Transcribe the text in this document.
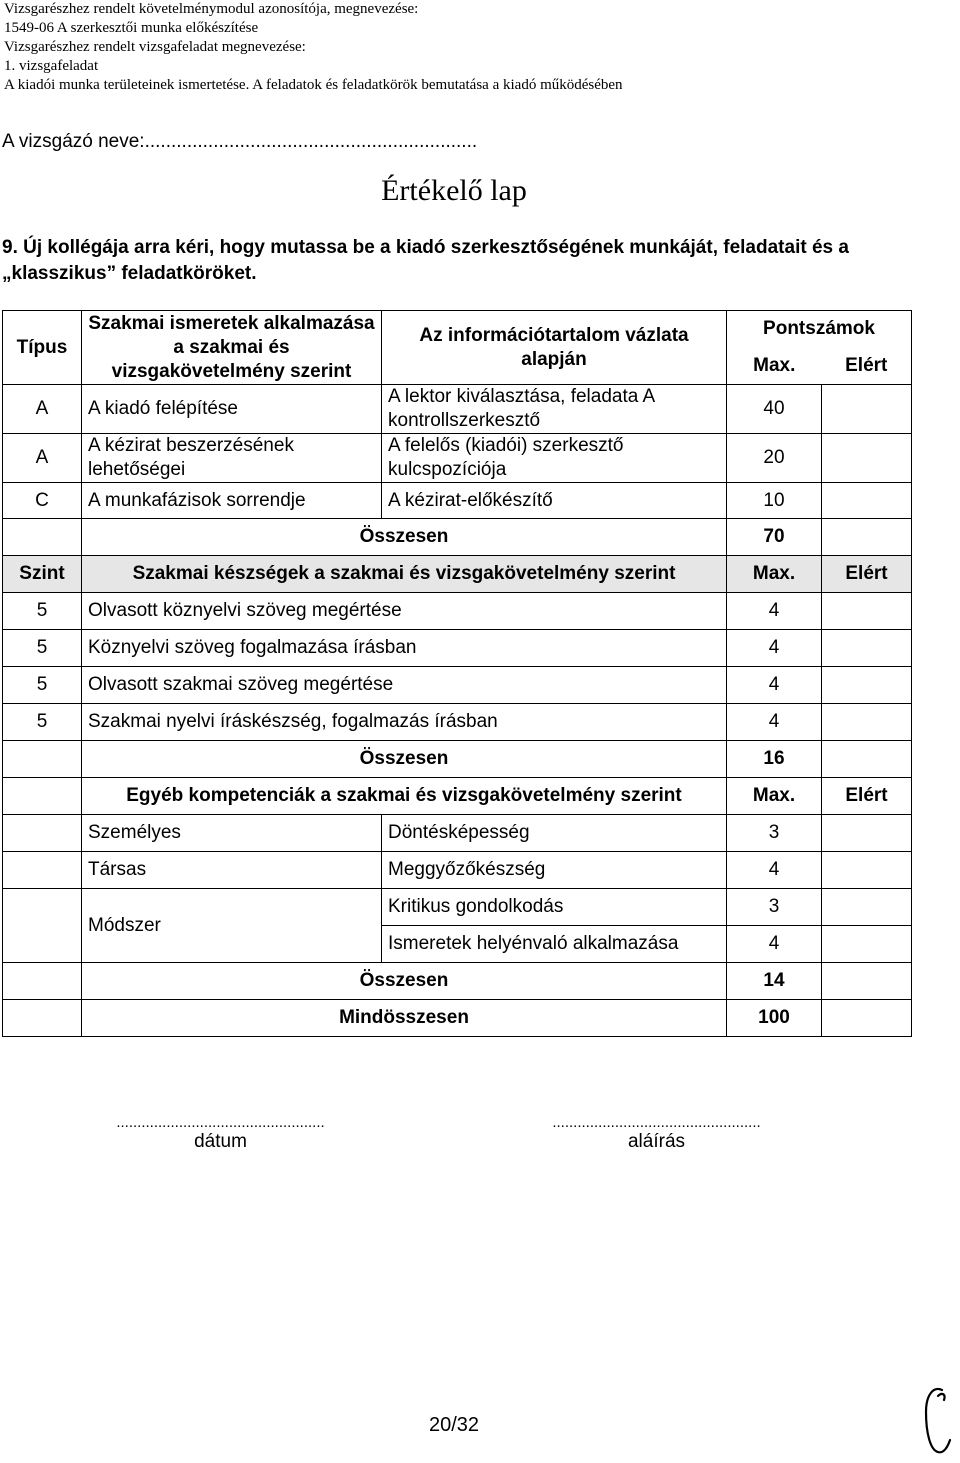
Vizsgarészhez rendelt követelménymodul azonosítója, megnevezése:
1549-06 A szerkesztői munka előkészítése
Vizsgarészhez rendelt vizsgafeladat megnevezése:
1. vizsgafeladat
A kiadói munka területeinek ismertetése. A feladatok és feladatkörök bemutatása a kiadó működésében
A vizsgázó neve:...............................................................
Értékelő lap
9. Új kollégája arra kéri, hogy mutassa be a kiadó szerkesztőségének munkáját, feladatait és a „klasszikus” feladatköröket.
Típus	Szakmai ismeretek alkalmazása a szakmai és vizsgakövetelmény szerint	Az információtartalom vázlata alapján	Pontszámok	
			Max.	Elért
A	A kiadó felépítése	A lektor kiválasztása, feladata A kontrollszerkesztő	40	
A	A kézirat beszerzésének lehetőségei	A felelős (kiadói) szerkesztő kulcspozíciója	20	
C	A munkafázisok sorrendje	A kézirat-előkészítő	10	
	Összesen		70	
Szint	Szakmai készségek a szakmai és vizsgakövetelmény szerint		Max.	Elért
5	Olvasott köznyelvi szöveg megértése		4	
5	Köznyelvi szöveg fogalmazása írásban		4	
5	Olvasott szakmai szöveg megértése		4	
5	Szakmai nyelvi íráskészség, fogalmazás írásban		4	
	Összesen		16	
	Egyéb kompetenciák a szakmai és vizsgakövetelmény szerint		Max.	Elért
	Személyes	Döntésképesség	3	
	Társas	Meggyőzőkészség	4	
	Módszer	Kritikus gondolkodás	3	
		Ismeretek helyénvaló alkalmazása	4	
	Összesen		14	
	Mindösszesen		100	
..................................................
dátum
..................................................
aláírás
20/32
